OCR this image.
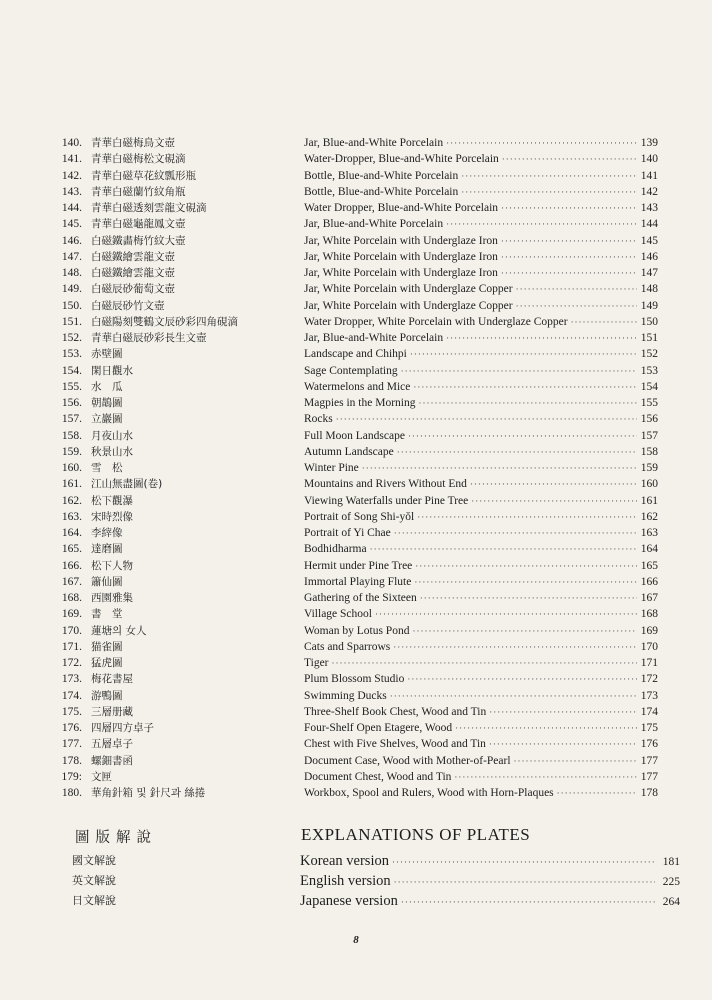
140. 青華白磁梅鳥文壺	Jar, Blue-and-White Porcelain ·····	139
141. 青華白磁梅松文硯滴	Water-Dropper, Blue-and-White Porcelain ·····	140
142. 青華白磁草花紋瓢形瓶	Bottle, Blue-and-White Porcelain ·····	141
143. 青華白磁蘭竹紋角瓶	Bottle, Blue-and-White Porcelain ·····	142
144. 青華白磁透刻雲龍文硯滴	Water Dropper, Blue-and-White Porcelain ·····	143
145. 青華白磁龜龍鳳文壺	Jar, Blue-and-White Porcelain ·····	144
146. 白磁鐵畵梅竹紋大壺	Jar, White Porcelain with Underglaze Iron ·····	145
147. 白磁鐵繪雲龍文壺	Jar, White Porcelain with Underglaze Iron ·····	146
148. 白磁鐵繪雲龍文壺	Jar, White Porcelain with Underglaze Iron ·····	147
149. 白磁辰砂葡萄文壺	Jar, White Porcelain with Underglaze Copper ·····	148
150. 白磁辰砂竹文壺	Jar, White Porcelain with Underglaze Copper ·····	149
151. 白磁陽刻雙鶴文辰砂彩四角硯滴	Water Dropper, White Porcelain with Underglaze Copper ·····	150
152. 青華白磁辰砂彩長生文壺	Jar, Blue-and-White Porcelain ·····	151
153. 赤壁圖	Landscape and Chihpi ·····	152
154. 閑日觀水	Sage Contemplating ·····	153
155. 水　瓜	Watermelons and Mice ·····	154
156. 朝鵲圖	Magpies in the Morning ·····	155
157. 立巖圖	Rocks ·····	156
158. 月夜山水	Full Moon Landscape ·····	157
159. 秋景山水	Autumn Landscape ·····	158
160. 雪　松	Winter Pine ·····	159
161. 江山無盡圖(卷)	Mountains and Rivers Without End ·····	160
162. 松下觀瀑	Viewing Waterfalls under Pine Tree ·····	161
163. 宋時烈像	Portrait of Song Shi-yŏl ·····	162
164. 李縡像	Portrait of Yi Chae ·····	163
165. 達磨圖	Bodhidharma ·····	164
166. 松下人物	Hermit under Pine Tree ·····	165
167. 簫仙圖	Immortal Playing Flute ·····	166
168. 西園雅集	Gathering of the Sixteen ·····	167
169. 書　堂	Village School ·····	168
170. 蓮塘의 女人	Woman by Lotus Pond ·····	169
171. 猫雀圖	Cats and Sparrows ·····	170
172. 猛虎圖	Tiger ·····	171
173. 梅花書屋	Plum Blossom Studio ·····	172
174. 游鴨圖	Swimming Ducks ·····	173
175. 三層册藏	Three-Shelf Book Chest, Wood and Tin ·····	174
176. 四層四方卓子	Four-Shelf Open Etagere, Wood ·····	175
177. 五層卓子	Chest with Five Shelves, Wood and Tin ·····	176
178. 螺鈿書函	Document Case, Wood with Mother-of-Pearl ·····	177
179: 文匣	Document Chest, Wood and Tin ·····	177
180. 華角針箱 및 針尺과 絲捲	Workbox, Spool and Rulers, Wood with Horn-Plaques ·····	178
圖版解說	EXPLANATIONS OF PLATES
國文解說	Korean version ·····	181
英文解說	English version ·····	225
日文解說	Japanese version ·····	264
8
